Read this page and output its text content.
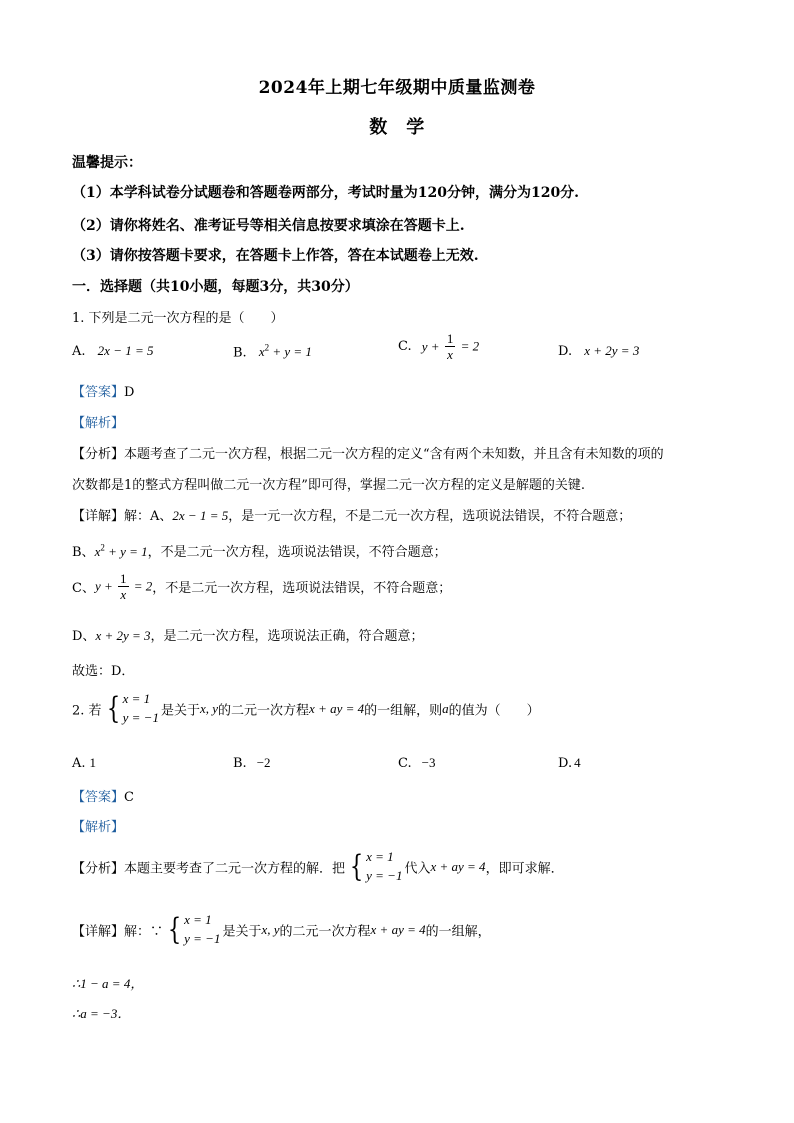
2024年上期七年级期中质量监测卷
数　学
温馨提示：
（1）本学科试卷分试题卷和答题卷两部分，考试时量为120分钟，满分为120分.
（2）请你将姓名、准考证号等相关信息按要求填涂在答题卡上.
（3）请你按答题卡要求，在答题卡上作答，答在本试题卷上无效.
一．选择题（共10小题，每题3分，共30分）
1. 下列是二元一次方程的是（　　）
A. 2x − 1 = 5	B. $x^2 + y = 1$	C. $y + \frac{1}{x} = 2$	D. x + 2y = 3
【答案】D
【解析】
【分析】本题考查了二元一次方程，根据二元一次方程的定义“含有两个未知数，并且含有未知数的项的
次数都是1的整式方程叫做二元一次方程”即可得，掌握二元一次方程的定义是解题的关键.
【详解】解：A、2x − 1 = 5，是一元一次方程，不是二元一次方程，选项说法错误，不符合题意；
B、$x^2 + y = 1$，不是二元一次方程，选项说法错误，不符合题意；
C、$y + \frac{1}{x} = 2$，不是二元一次方程，选项说法错误，不符合题意；
D、x + 2y = 3，是二元一次方程，选项说法正确，符合题意；
故选：D．
2. 若 { x = 1
y = −1 是关于x, y的二元一次方程x + ay = 4的一组解，则a的值为（　　）
A. 1	B. −2	C. −3	D. 4
【答案】C
【解析】
【分析】本题主要考查了二元一次方程的解．把 { x = 1
y = −1 代入x + ay = 4，即可求解．
【详解】解：∵ { x = 1
y = −1 是关于x, y的二元一次方程x + ay = 4的一组解，
∴1 − a = 4，
∴a = −3．
